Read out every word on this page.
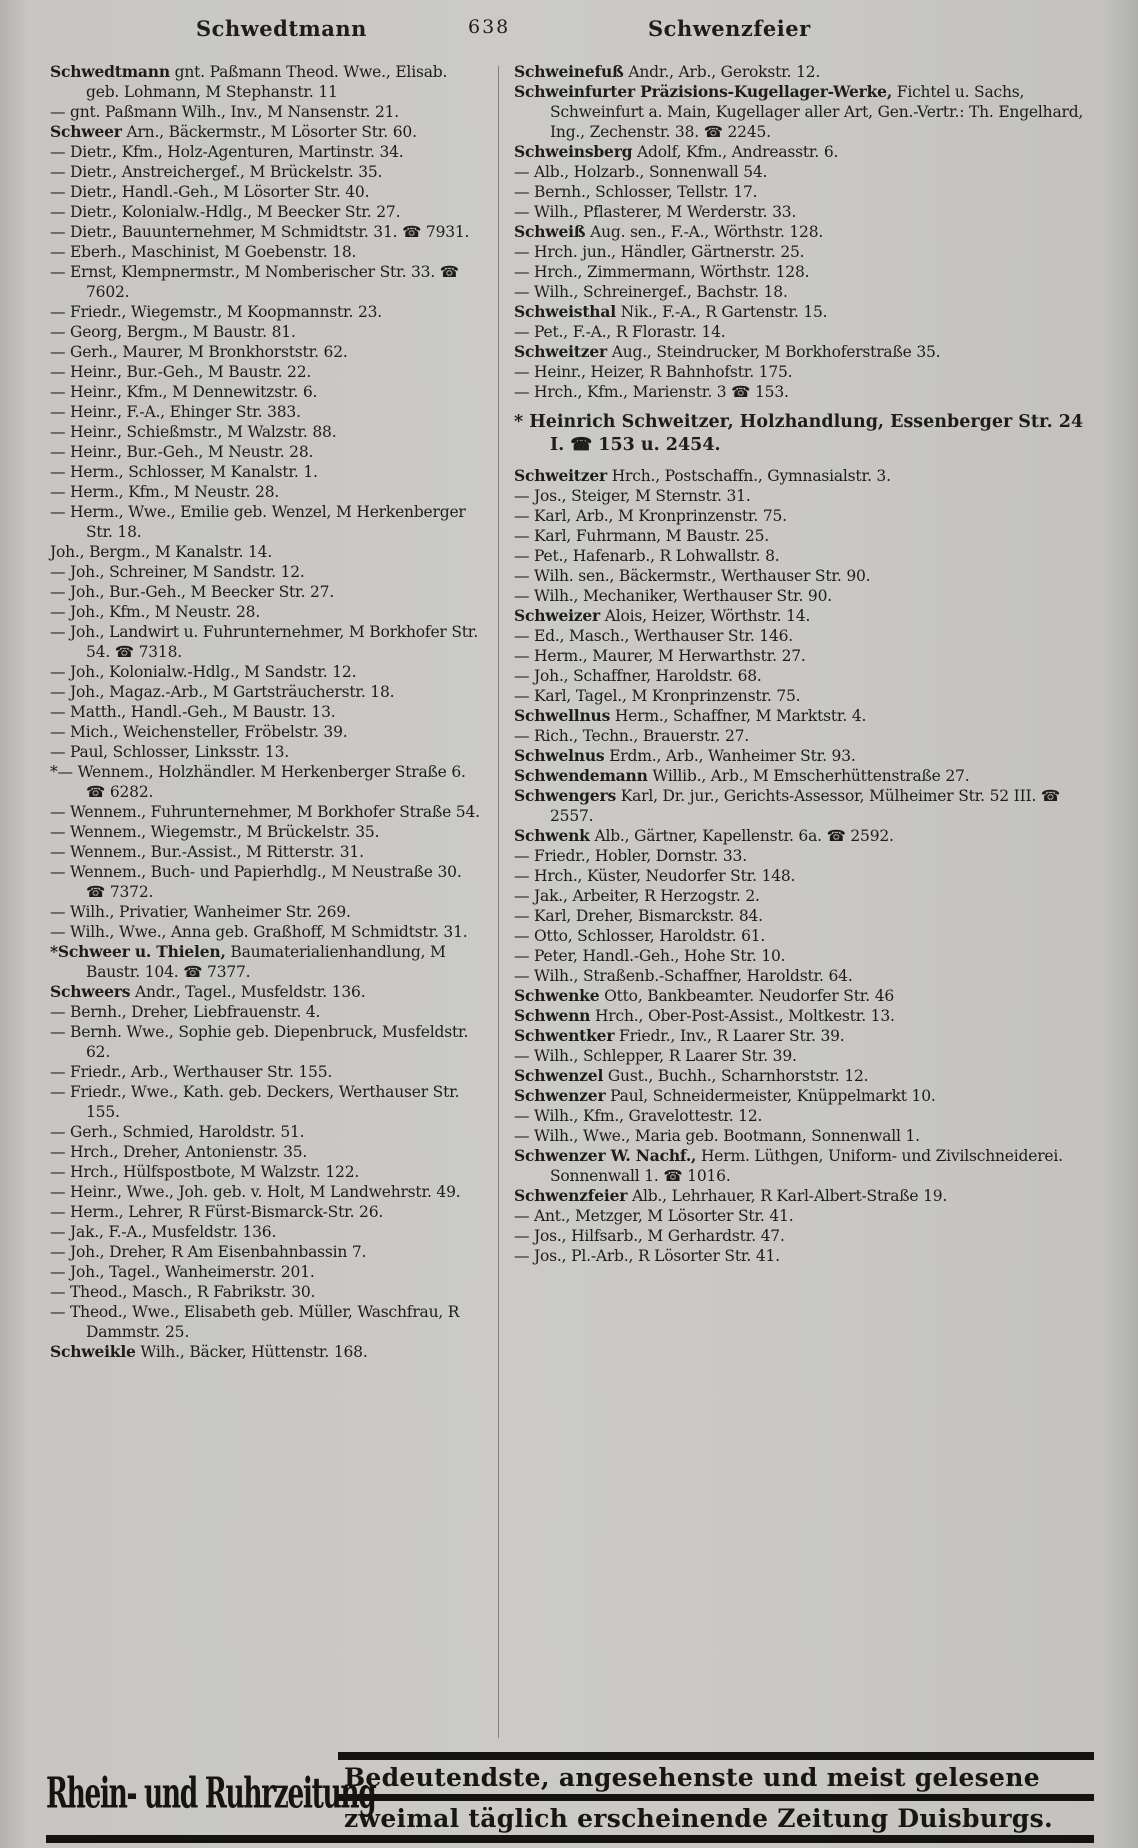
Schwedtmann	638	Schwenzfeier

Schwedtmann gnt. Paßmann Theod. Wwe., Elisab. geb. Lohmann, M Stephanstr. 11

— gnt. Paßmann Wilh., Inv., M Nansenstr. 21.

Schweer Arn., Bäckermstr., M Lösorter Str. 60.

— Dietr., Kfm., Holz-Agenturen, Martinstr. 34.

— Dietr., Anstreichergef., M Brückelstr. 35.

— Dietr., Handl.-Geh., M Lösorter Str. 40.

— Dietr., Kolonialw.-Hdlg., M Beecker Str. 27.

— Dietr., Bauunternehmer, M Schmidtstr. 31. ☎ 7931.

— Eberh., Maschinist, M Goebenstr. 18.

— Ernst, Klempnermstr., M Nomberischer Str. 33. ☎ 7602.

— Friedr., Wiegemstr., M Koopmannstr. 23.

— Georg, Bergm., M Baustr. 81.

— Gerh., Maurer, M Bronkhorststr. 62.

— Heinr., Bur.-Geh., M Baustr. 22.

— Heinr., Kfm., M Dennewitzstr. 6.

— Heinr., F.-A., Ehinger Str. 383.

— Heinr., Schießmstr., M Walzstr. 88.

— Heinr., Bur.-Geh., M Neustr. 28.

— Herm., Schlosser, M Kanalstr. 1.

— Herm., Kfm., M Neustr. 28.

— Herm., Wwe., Emilie geb. Wenzel, M Herkenberger Str. 18.

Joh., Bergm., M Kanalstr. 14.

— Joh., Schreiner, M Sandstr. 12.

— Joh., Bur.-Geh., M Beecker Str. 27.

— Joh., Kfm., M Neustr. 28.

— Joh., Landwirt u. Fuhrunternehmer, M Borkhofer Str. 54. ☎ 7318.

— Joh., Kolonialw.-Hdlg., M Sandstr. 12.

— Joh., Magaz.-Arb., M Gartsträucherstr. 18.

— Matth., Handl.-Geh., M Baustr. 13.

— Mich., Weichensteller, Fröbelstr. 39.

— Paul, Schlosser, Linksstr. 13.

*— Wennem., Holzhändler. M Herkenberger Straße 6. ☎ 6282.

— Wennem., Fuhrunternehmer, M Borkhofer Straße 54.

— Wennem., Wiegemstr., M Brückelstr. 35.

— Wennem., Bur.-Assist., M Ritterstr. 31.

— Wennem., Buch- und Papierhdlg., M Neustraße 30. ☎ 7372.

— Wilh., Privatier, Wanheimer Str. 269.

— Wilh., Wwe., Anna geb. Graßhoff, M Schmidtstr. 31.

*Schweer u. Thielen, Baumaterialienhandlung, M Baustr. 104. ☎ 7377.

Schweers Andr., Tagel., Musfeldstr. 136.

— Bernh., Dreher, Liebfrauenstr. 4.

— Bernh. Wwe., Sophie geb. Diepenbruck, Musfeldstr. 62.

— Friedr., Arb., Werthauser Str. 155.

— Friedr., Wwe., Kath. geb. Deckers, Werthauser Str. 155.

— Gerh., Schmied, Haroldstr. 51.

— Hrch., Dreher, Antonienstr. 35.

— Hrch., Hülfspostbote, M Walzstr. 122.

— Heinr., Wwe., Joh. geb. v. Holt, M Landwehrstr. 49.

— Herm., Lehrer, R Fürst-Bismarck-Str. 26.

— Jak., F.-A., Musfeldstr. 136.

— Joh., Dreher, R Am Eisenbahnbassin 7.

— Joh., Tagel., Wanheimerstr. 201.

— Theod., Masch., R Fabrikstr. 30.

— Theod., Wwe., Elisabeth geb. Müller, Waschfrau, R Dammstr. 25.

Schweikle Wilh., Bäcker, Hüttenstr. 168.

Schweinefuß Andr., Arb., Gerokstr. 12.

Schweinfurter Präzisions-Kugellager-Werke, Fichtel u. Sachs, Schweinfurt a. Main, Kugellager aller Art, Gen.-Vertr.: Th. Engelhard, Ing., Zechenstr. 38. ☎ 2245.

Schweinsberg Adolf, Kfm., Andreasstr. 6.

— Alb., Holzarb., Sonnenwall 54.

— Bernh., Schlosser, Tellstr. 17.

— Wilh., Pflasterer, M Werderstr. 33.

Schweiß Aug. sen., F.-A., Wörthstr. 128.

— Hrch. jun., Händler, Gärtnerstr. 25.

— Hrch., Zimmermann, Wörthstr. 128.

— Wilh., Schreinergef., Bachstr. 18.

Schweisthal Nik., F.-A., R Gartenstr. 15.

— Pet., F.-A., R Florastr. 14.

Schweitzer Aug., Steindrucker, M Borkhoferstraße 35.

— Heinr., Heizer, R Bahnhofstr. 175.

— Hrch., Kfm., Marienstr. 3 ☎ 153.

* Heinrich Schweitzer, Holzhandlung, Essenberger Str. 24 I. ☎ 153 u. 2454.

Schweitzer Hrch., Postschaffn., Gymnasialstr. 3.

— Jos., Steiger, M Sternstr. 31.

— Karl, Arb., M Kronprinzenstr. 75.

— Karl, Fuhrmann, M Baustr. 25.

— Pet., Hafenarb., R Lohwallstr. 8.

— Wilh. sen., Bäckermstr., Werthauser Str. 90.

— Wilh., Mechaniker, Werthauser Str. 90.

Schweizer Alois, Heizer, Wörthstr. 14.

— Ed., Masch., Werthauser Str. 146.

— Herm., Maurer, M Herwarthstr. 27.

— Joh., Schaffner, Haroldstr. 68.

— Karl, Tagel., M Kronprinzenstr. 75.

Schwellnus Herm., Schaffner, M Marktstr. 4.

— Rich., Techn., Brauerstr. 27.

Schwelnus Erdm., Arb., Wanheimer Str. 93.

Schwendemann Willib., Arb., M Emscherhüttenstraße 27.

Schwengers Karl, Dr. jur., Gerichts-Assessor, Mülheimer Str. 52 III. ☎ 2557.

Schwenk Alb., Gärtner, Kapellenstr. 6a. ☎ 2592.

— Friedr., Hobler, Dornstr. 33.

— Hrch., Küster, Neudorfer Str. 148.

— Jak., Arbeiter, R Herzogstr. 2.

— Karl, Dreher, Bismarckstr. 84.

— Otto, Schlosser, Haroldstr. 61.

— Peter, Handl.-Geh., Hohe Str. 10.

— Wilh., Straßenb.-Schaffner, Haroldstr. 64.

Schwenke Otto, Bankbeamter. Neudorfer Str. 46

Schwenn Hrch., Ober-Post-Assist., Moltkestr. 13.

Schwentker Friedr., Inv., R Laarer Str. 39.

— Wilh., Schlepper, R Laarer Str. 39.

Schwenzel Gust., Buchh., Scharnhorststr. 12.

Schwenzer Paul, Schneidermeister, Knüppelmarkt 10.

— Wilh., Kfm., Gravelottestr. 12.

— Wilh., Wwe., Maria geb. Bootmann, Sonnenwall 1.

Schwenzer W. Nachf., Herm. Lüthgen, Uniform- und Zivilschneiderei. Sonnenwall 1. ☎ 1016.

Schwenzfeier Alb., Lehrhauer, R Karl-Albert-Straße 19.

— Ant., Metzger, M Lösorter Str. 41.

— Jos., Hilfsarb., M Gerhardstr. 47.

— Jos., Pl.-Arb., R Lösorter Str. 41.

Rhein- und Ruhrzeitung

Bedeutendste, angesehenste und meist gelesene

zweimal täglich erscheinende Zeitung Duisburgs.
